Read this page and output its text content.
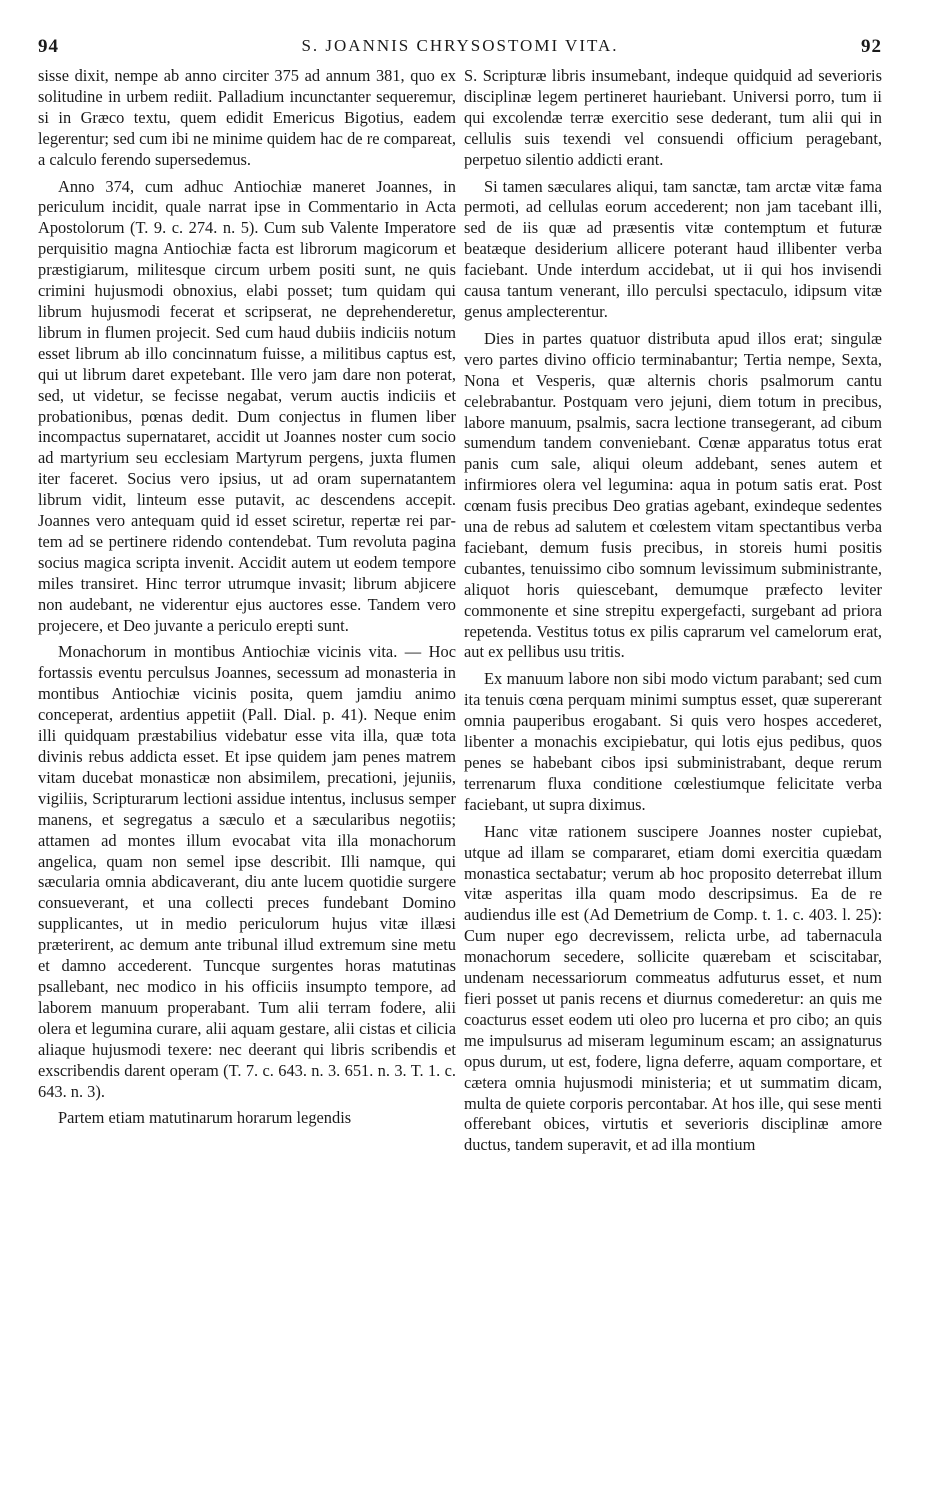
94	S. JOANNIS CHRYSOSTOMI VITA.	92

sisse dixit, nempe ab anno circiter 375 ad annum 381, quo ex solitudine in urbem rediit. Palladium incunctanter sequeremur, si in Græco textu, quem edidit Emericus Bigotius, eadem legerentur; sed cum ibi ne minime quidem hac de re compareat, a calculo ferendo supersedemus.

Anno 374, cum adhuc Antiochiæ maneret Joannes, in periculum incidit, quale narrat ipse in Commentario in Acta Apostolorum (T. 9. c. 274. n. 5). Cum sub Valente Imperatore perquisitio magna Antiochiæ facta est librorum magicorum et præstigiarum, militesque circum urbem positi sunt, ne quis crimini hujusmodi obnoxius, elabi posset; tum quidam qui librum hujusmodi fecerat et scripserat, ne deprehenderetur, librum in flumen projecit. Sed cum haud dubiis indiciis notum esset librum ab illo concinnatum fuisse, a militibus captus est, qui ut librum daret expetebant. Ille vero jam dare non poterat, sed, ut videtur, se fecisse negabat, verum auctis indiciis et probationibus, pœnas dedit. Dum conjectus in flumen liber incompactus supernataret, accidit ut Joannes noster cum socio ad martyrium seu ecclesiam Martyrum pergens, juxta flumen iter faceret. Socius vero ipsius, ut ad oram supernatantem librum vidit, linteum esse putavit, ac descendens accepit. Joannes vero antequam quid id esset sciretur, repertæ rei partem ad se pertinere ridendo contendebat. Tum revoluta pagina socius magica scripta invenit. Accidit autem ut eodem tempore miles transiret. Hinc terror utrumque invasit; librum abjicere non audebant, ne viderentur ejus auctores esse. Tandem vero projecere, et Deo juvante a periculo erepti sunt.

Monachorum in montibus Antiochiæ vicinis vita. — Hoc fortassis eventu perculsus Joannes, secessum ad monasteria in montibus Antiochiæ vicinis posita, quem jamdiu animo conceperat, ardentius appetiit (Pall. Dial. p. 41). Neque enim illi quidquam præstabilius videbatur esse vita illa, quæ tota divinis rebus addicta esset. Et ipse quidem jam penes matrem vitam ducebat monasticæ non absimilem, precationi, jejuniis, vigiliis, Scripturarum lectioni assidue intentus, inclusus semper manens, et segregatus a sæculo et a sæcularibus negotiis; attamen ad montes illum evocabat vita illa monachorum angelica, quam non semel ipse describit. Illi namque, qui sæcularia omnia abdicaverant, diu ante lucem quotidie surgere consueverant, et una collecti preces fundebant Domino supplicantes, ut in medio periculorum hujus vitæ illæsi præterirent, ac demum ante tribunal illud extremum sine metu et damno accederent. Tuncque surgentes horas matutinas psallebant, nec modico in his officiis insumpto tempore, ad laborem manuum properabant. Tum alii terram fodere, alii olera et legumina curare, alii aquam gestare, alii cistas et cilicia aliaque hujusmodi texere: nec deerant qui libris scribendis et exscribendis darent operam (T. 7. c. 643. n. 3. 651. n. 3. T. 1. c. 643. n. 3).

Partem etiam matutinarum horarum legendis

S. Scripturæ libris insumebant, indeque quidquid ad severioris disciplinæ legem pertineret hauriebant. Universi porro, tum ii qui excolendæ terræ exercitio sese dederant, tum alii qui in cellulis suis texendi vel consuendi officium peragebant, perpetuo silentio addicti erant.

Si tamen sæculares aliqui, tam sanctæ, tam arctæ vitæ fama permoti, ad cellulas eorum accederent; non jam tacebant illi, sed de iis quæ ad præsentis vitæ contemptum et futuræ beatæque desiderium allicere poterant haud illibenter verba faciebant. Unde interdum accidebat, ut ii qui hos invisendi causa tantum venerant, illo perculsi spectaculo, idipsum vitæ genus amplecterentur.

Dies in partes quatuor distributa apud illos erat; singulæ vero partes divino officio terminabantur; Tertia nempe, Sexta, Nona et Vesperis, quæ alternis choris psalmorum cantu celebrabantur. Postquam vero jejuni, diem totum in precibus, labore manuum, psalmis, sacra lectione transegerant, ad cibum sumendum tandem conveniebant. Cœnæ apparatus totus erat panis cum sale, aliqui oleum addebant, senes autem et infirmiores olera vel legumina: aqua in potum satis erat. Post cœnam fusis precibus Deo gratias agebant, exindeque sedentes una de rebus ad salutem et cœlestem vitam spectantibus verba faciebant, demum fusis precibus, in storeis humi positis cubantes, tenuissimo cibo somnum levissimum subministrante, aliquot horis quiescebant, demumque præfecto leviter commonente et sine strepitu expergefacti, surgebant ad priora repetenda. Vestitus totus ex pilis caprarum vel camelorum erat, aut ex pellibus usu tritis.

Ex manuum labore non sibi modo victum parabant; sed cum ita tenuis cœna perquam minimi sumptus esset, quæ supererant omnia pauperibus erogabant. Si quis vero hospes accederet, libenter a monachis excipiebatur, qui lotis ejus pedibus, quos penes se habebant cibos ipsi subministrabant, deque rerum terrenarum fluxa conditione cœlestiumque felicitate verba faciebant, ut supra diximus.

Hanc vitæ rationem suscipere Joannes noster cupiebat, utque ad illam se compararet, etiam domi exercitia quædam monastica sectabatur; verum ab hoc proposito deterrebat illum vitæ asperitas illa quam modo descripsimus. Ea de re audiendus ille est (Ad Demetrium de Comp. t. 1. c. 403. l. 25): Cum nuper ego decrevissem, relicta urbe, ad tabernacula monachorum secedere, sollicite quærebam et sciscitabar, undenam necessariorum commeatus adfuturus esset, et num fieri posset ut panis recens et diurnus comederetur: an quis me coacturus esset eodem uti oleo pro lucerna et pro cibo; an quis me impulsurus ad miseram leguminum escam; an assignaturus opus durum, ut est, fodere, ligna deferre, aquam comportare, et cætera omnia hujusmodi ministeria; et ut summatim dicam, multa de quiete corporis percontabar. At hos ille, qui sese menti offerebant obices, virtutis et severioris disciplinæ amore ductus, tandem superavit, et ad illa montium
